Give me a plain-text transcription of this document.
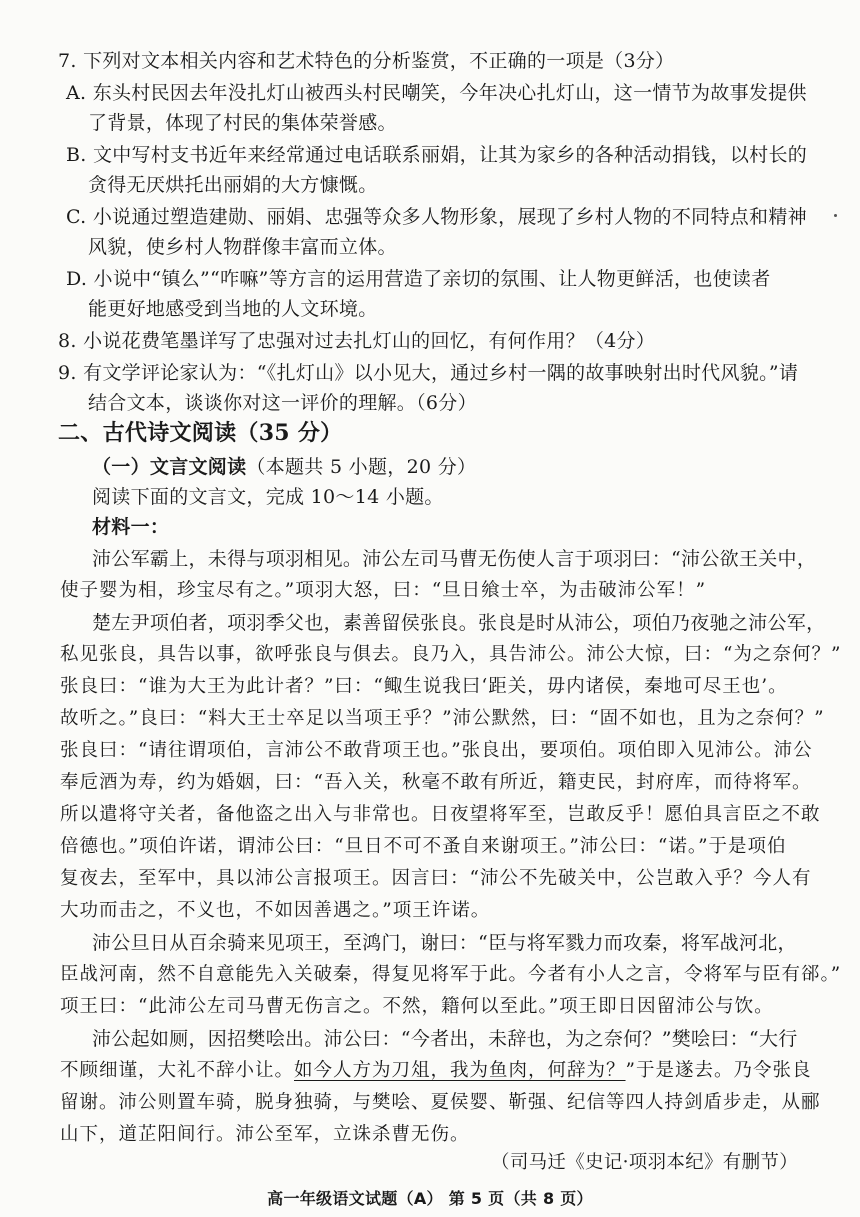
7. 下列对文本相关内容和艺术特色的分析鉴赏，不正确的一项是（3分）
A. 东头村民因去年没扎灯山被西头村民嘲笑，今年决心扎灯山，这一情节为故事发提供
了背景，体现了村民的集体荣誉感。
B. 文中写村支书近年来经常通过电话联系丽娟，让其为家乡的各种活动捐钱，以村长的
贪得无厌烘托出丽娟的大方慷慨。
C. 小说通过塑造建勋、丽娟、忠强等众多人物形象，展现了乡村人物的不同特点和精神
风貌，使乡村人物群像丰富而立体。
D. 小说中“镇么”“咋嘛”等方言的运用营造了亲切的氛围、让人物更鲜活，也使读者
能更好地感受到当地的人文环境。
8. 小说花费笔墨详写了忠强对过去扎灯山的回忆，有何作用？（4分）
9. 有文学评论家认为：“《扎灯山》以小见大，通过乡村一隅的故事映射出时代风貌。”请
结合文本，谈谈你对这一评价的理解。（6分）
二、古代诗文阅读（35 分）
（一）文言文阅读（本题共 5 小题，20 分）
阅读下面的文言文，完成 10～14 小题。
材料一：
沛公军霸上，未得与项羽相见。沛公左司马曹无伤使人言于项羽曰：“沛公欲王关中，
使子婴为相，珍宝尽有之。”项羽大怒，曰：“旦日飨士卒，为击破沛公军！”
楚左尹项伯者，项羽季父也，素善留侯张良。张良是时从沛公，项伯乃夜驰之沛公军，
私见张良，具告以事，欲呼张良与俱去。良乃入，具告沛公。沛公大惊，曰：“为之奈何？”
张良曰：“谁为大王为此计者？”曰：“鲰生说我曰‘距关，毋内诸侯，秦地可尽王也’。
故听之。”良曰：“料大王士卒足以当项王乎？”沛公默然，曰：“固不如也，且为之奈何？”
张良曰：“请往谓项伯，言沛公不敢背项王也。”张良出，要项伯。项伯即入见沛公。沛公
奉卮酒为寿，约为婚姻，曰：“吾入关，秋毫不敢有所近，籍吏民，封府库，而待将军。
所以遣将守关者，备他盗之出入与非常也。日夜望将军至，岂敢反乎！愿伯具言臣之不敢
倍德也。”项伯许诺，谓沛公曰：“旦日不可不蚤自来谢项王。”沛公曰：“诺。”于是项伯
复夜去，至军中，具以沛公言报项王。因言曰：“沛公不先破关中，公岂敢入乎？今人有
大功而击之，不义也，不如因善遇之。”项王许诺。
沛公旦日从百余骑来见项王，至鸿门，谢曰：“臣与将军戮力而攻秦，将军战河北，
臣战河南，然不自意能先入关破秦，得复见将军于此。今者有小人之言，令将军与臣有郤。”
项王曰：“此沛公左司马曹无伤言之。不然，籍何以至此。”项王即日因留沛公与饮。
沛公起如厕，因招樊哙出。沛公曰：“今者出，未辞也，为之奈何？”樊哙曰：“大行
不顾细谨，大礼不辞小让。如今人方为刀俎，我为鱼肉，何辞为？”于是遂去。乃令张良
留谢。沛公则置车骑，脱身独骑，与樊哙、夏侯婴、靳强、纪信等四人持剑盾步走，从郦
山下，道芷阳间行。沛公至军，立诛杀曹无伤。
（司马迁《史记·项羽本纪》有删节）
高一年级语文试题（A） 第 5 页（共 8 页）
